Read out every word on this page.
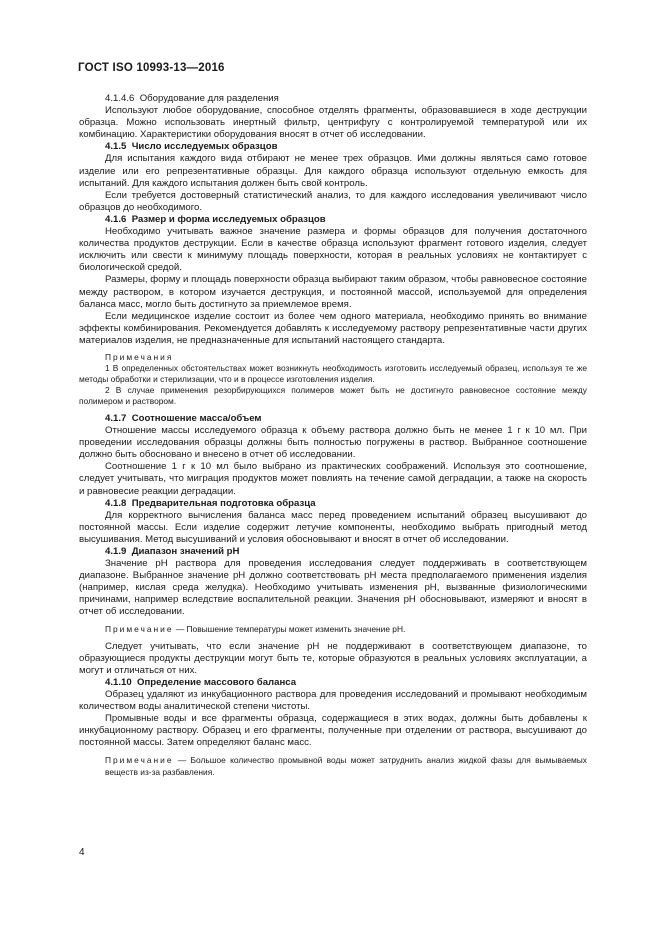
ГОСТ ISO 10993-13—2016

4.1.4.6 Оборудование для разделения

Используют любое оборудование, способное отделять фрагменты, образовавшиеся в ходе деструкции образца. Можно использовать инертный фильтр, центрифугу с контролируемой температурой или их комбинацию. Характеристики оборудования вносят в отчет об исследовании.

4.1.5 Число исследуемых образцов

Для испытания каждого вида отбирают не менее трех образцов. Ими должны являться само готовое изделие или его репрезентативные образцы. Для каждого образца используют отдельную емкость для испытаний. Для каждого испытания должен быть свой контроль.

Если требуется достоверный статистический анализ, то для каждого исследования увеличивают число образцов до необходимого.

4.1.6 Размер и форма исследуемых образцов

Необходимо учитывать важное значение размера и формы образцов для получения достаточного количества продуктов деструкции. Если в качестве образца используют фрагмент готового изделия, следует исключить или свести к минимуму площадь поверхности, которая в реальных условиях не контактирует с биологической средой.

Размеры, форму и площадь поверхности образца выбирают таким образом, чтобы равновесное состояние между раствором, в котором изучается деструкция, и постоянной массой, используемой для определения баланса масс, могло быть достигнуто за приемлемое время.

Если медицинское изделие состоит из более чем одного материала, необходимо принять во внимание эффекты комбинирования. Рекомендуется добавлять к исследуемому раствору репрезентативные части других материалов изделия, не предназначенные для испытаний настоящего стандарта.

Примечания

1 В определенных обстоятельствах может возникнуть необходимость изготовить исследуемый образец, используя те же методы обработки и стерилизации, что и в процессе изготовления изделия.

2 В случае применения резорбирующихся полимеров может быть не достигнуто равновесное состояние между полимером и раствором.

4.1.7 Соотношение масса/объем

Отношение массы исследуемого образца к объему раствора должно быть не менее 1 г к 10 мл. При проведении исследования образцы должны быть полностью погружены в раствор. Выбранное соотношение должно быть обосновано и внесено в отчет об исследовании.

Соотношение 1 г к 10 мл было выбрано из практических соображений. Используя это соотношение, следует учитывать, что миграция продуктов может повлиять на течение самой деградации, а также на скорость и равновесие реакции деградации.

4.1.8 Предварительная подготовка образца

Для корректного вычисления баланса масс перед проведением испытаний образец высушивают до постоянной массы. Если изделие содержит летучие компоненты, необходимо выбрать пригодный метод высушивания. Метод высушиваний и условия обосновывают и вносят в отчет об исследовании.

4.1.9 Диапазон значений pH

Значение pH раствора для проведения исследования следует поддерживать в соответствующем диапазоне. Выбранное значение pH должно соответствовать pH места предполагаемого применения изделия (например, кислая среда желудка). Необходимо учитывать изменения pH, вызванные физиологическими причинами, например вследствие воспалительной реакции. Значения pH обосновывают, измеряют и вносят в отчет об исследовании.

Примечание — Повышение температуры может изменить значение pH.

Следует учитывать, что если значение pH не поддерживают в соответствующем диапазоне, то образующиеся продукты деструкции могут быть те, которые образуются в реальных условиях эксплуатации, а могут и отличаться от них.

4.1.10 Определение массового баланса

Образец удаляют из инкубационного раствора для проведения исследований и промывают необходимым количеством воды аналитической степени чистоты.

Промывные воды и все фрагменты образца, содержащиеся в этих водах, должны быть добавлены к инкубационному раствору. Образец и его фрагменты, полученные при отделении от раствора, высушивают до постоянной массы. Затем определяют баланс масс.

Примечание — Большое количество промывной воды может затруднить анализ жидкой фазы для вымываемых веществ из-за разбавления.

4
